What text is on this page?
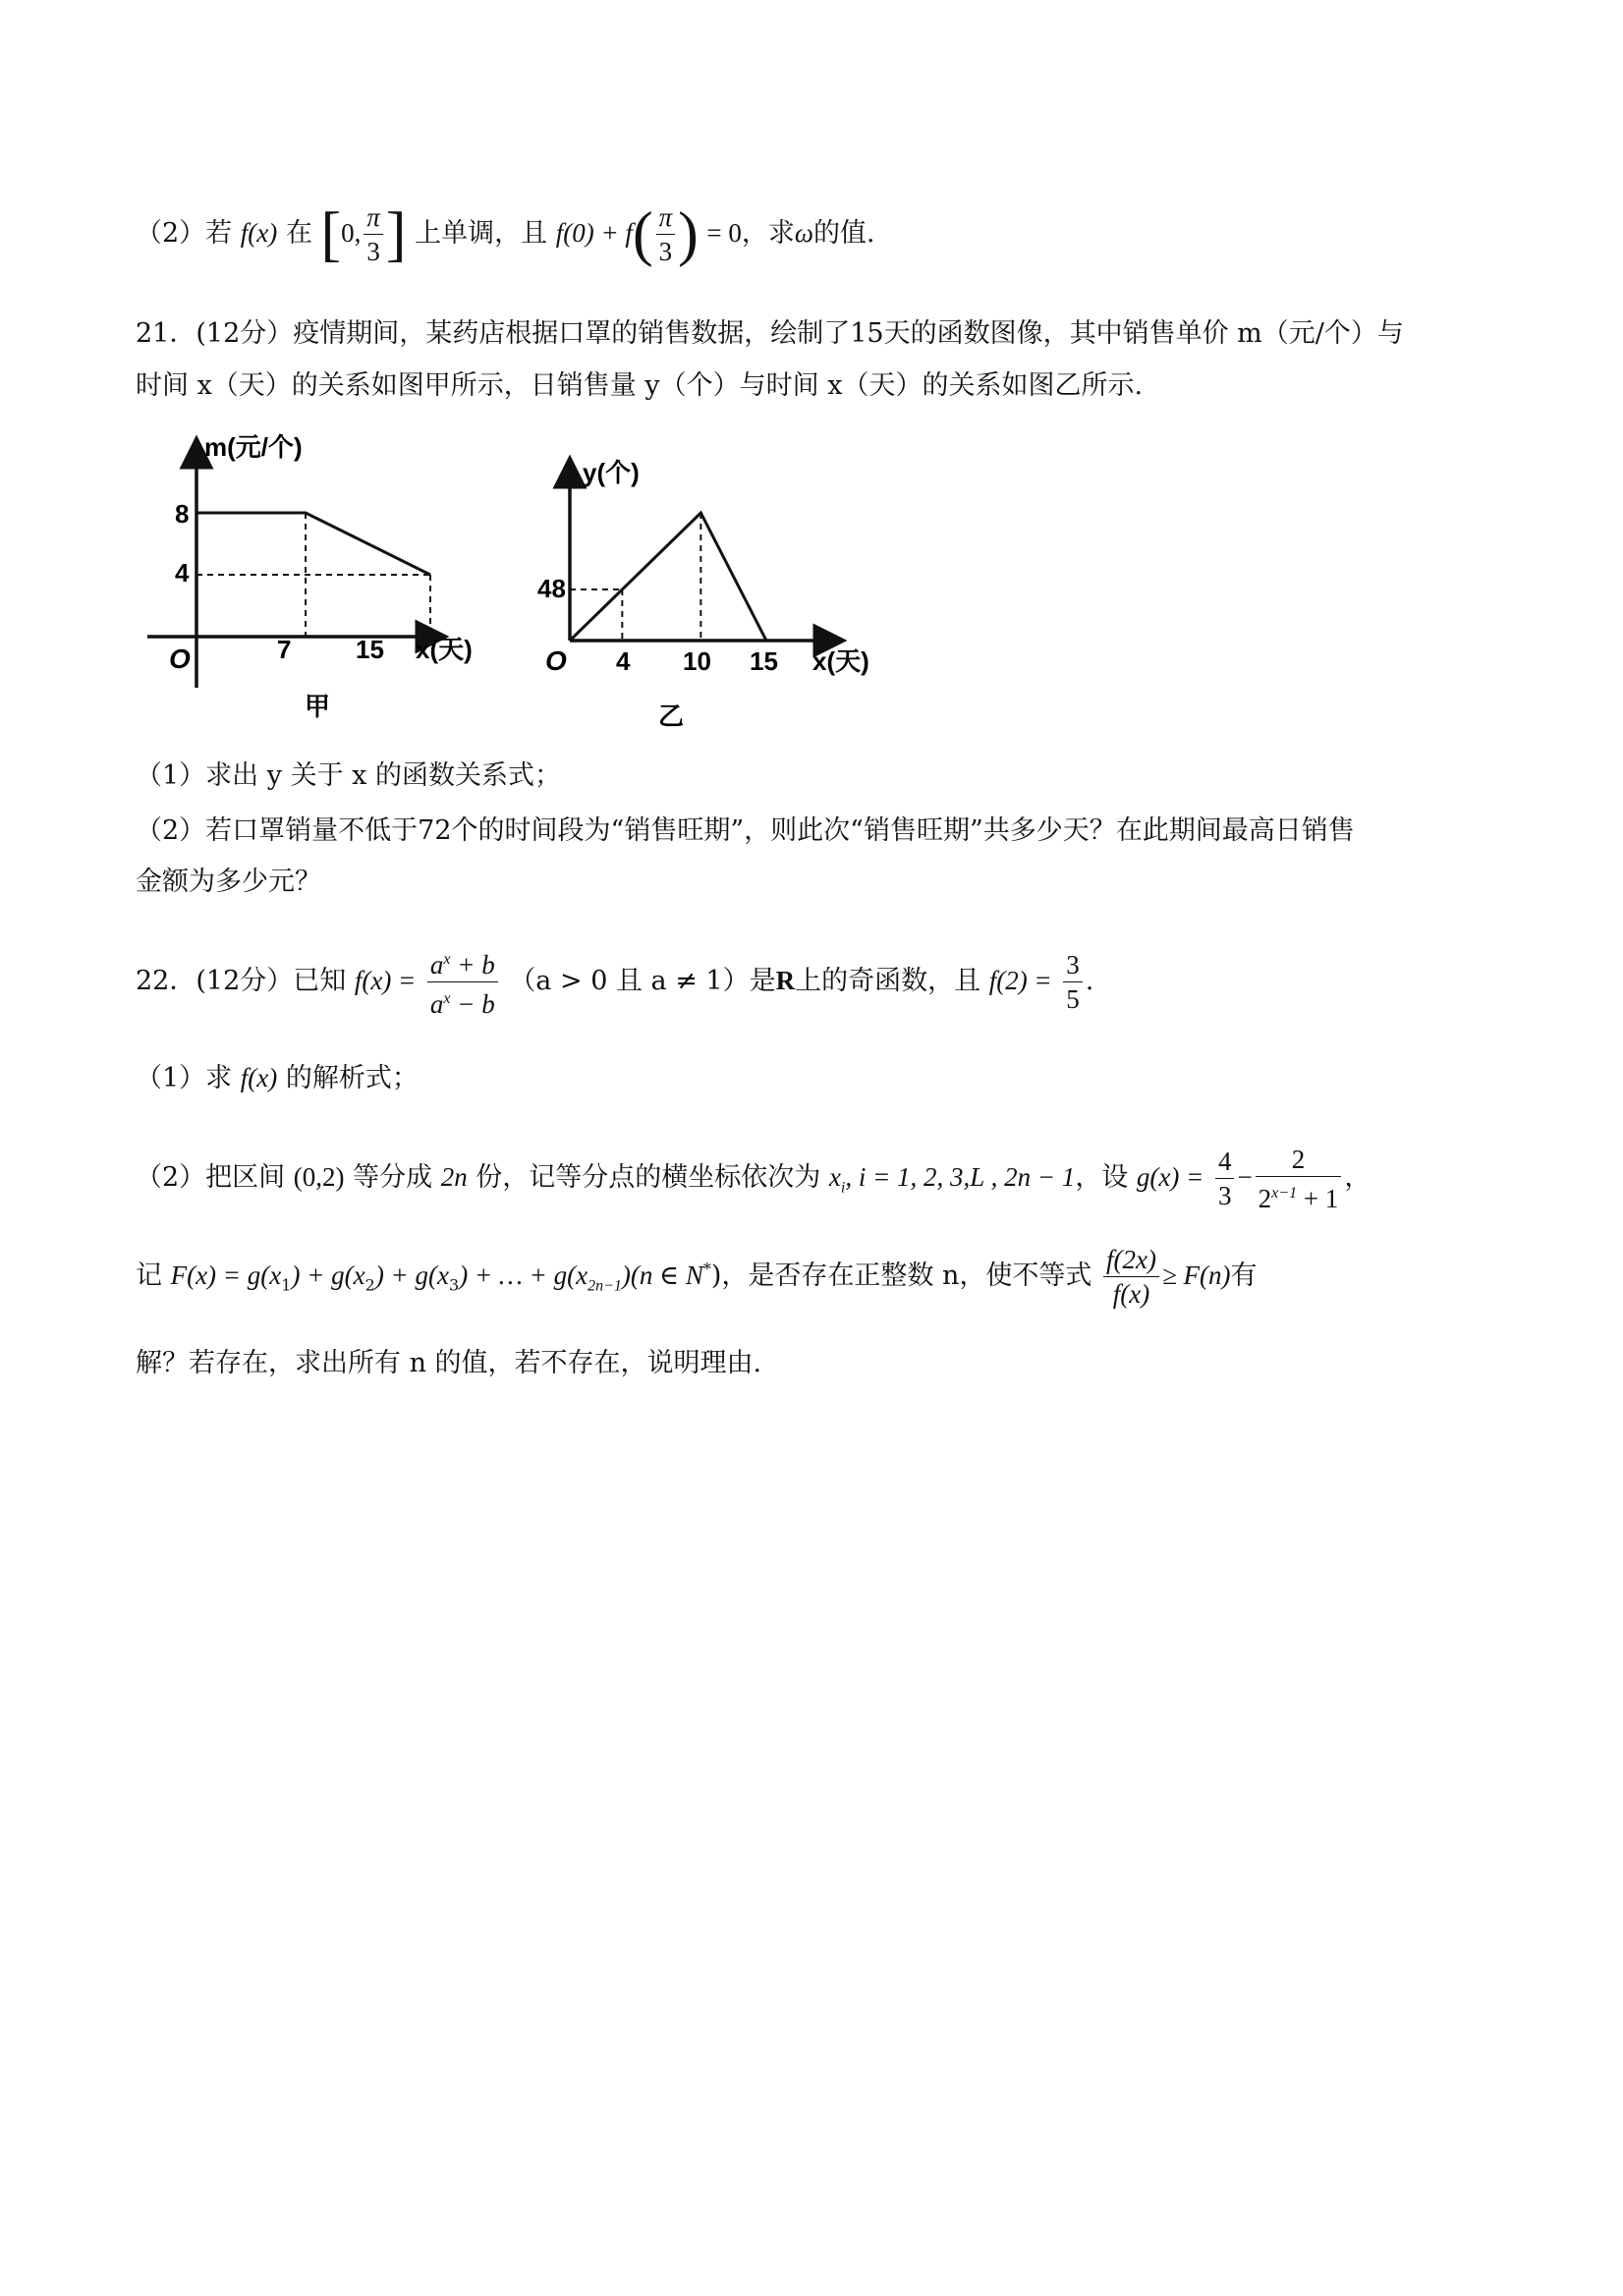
（2）若 f(x) 在 [0, $\frac{\pi}{3}$ ] 上单调，且 $f(0) + f( \frac{\pi}{3}$ ) = 0，求ω的值.
21．(12分）疫情期间，某药店根据口罩的销售数据，绘制了15天的函数图像，其中销售单价 m（元/个）与
时间 x（天）的关系如图甲所示，日销售量 y（个）与时间 x（天）的关系如图乙所示.
m(元/个)
8
4
O	7	15 x(天)
甲
y(个)
48
O 4 10 15 x(天)
乙
（1）求出 y 关于 x 的函数关系式；
（2）若口罩销量不低于72个的时间段为“销售旺期”，则此次“销售旺期”共多少天？在此期间最高日销售
金额为多少元？
22．(12分）已知 $f(x) = \frac{a^x + b}{a^x - b} (a > 0$ 且 a ≠ 1）是R上的奇函数，且 $f(2) = \frac{3}{5}$ .
（1）求 f(x) 的解析式；
（2）把区间 (0,2) 等分成 2n 份，记等分点的横坐标依次为 $x_i$, i = 1, 2, 3,L , 2n − 1，设 $g(x) = \frac{4}{3} - \frac{2}{2^{x-1} + 1}$ ，
记 $F(x) = g(x_1) + g(x_2) + g(x_3)$ + … + $g(x_{2n-1})(n$ ∈ N*)，是否存在正整数 n，使不等式 $\frac{f(2x)}{f(x)} \ge F(n)$有
解？若存在，求出所有 n 的值，若不存在，说明理由.
